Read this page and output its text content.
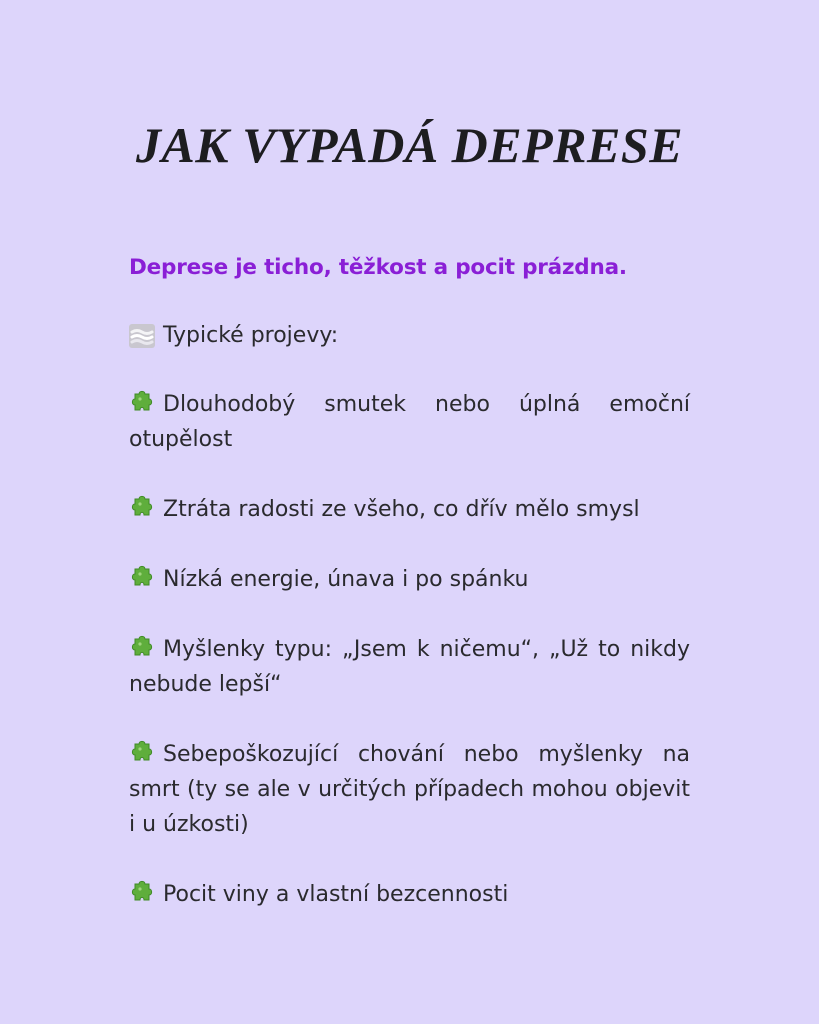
JAK VYPADÁ DEPRESE

Deprese je ticho, těžkost a pocit prázdna.

Typické projevy:

Dlouhodobý smutek nebo úplná emoční otupělost
Ztráta radosti ze všeho, co dřív mělo smysl
Nízká energie, únava i po spánku
Myšlenky typu: „Jsem k ničemu“, „Už to nikdy nebude lepší“
Sebepoškozující chování nebo myšlenky na smrt (ty se ale v určitých případech mohou objevit i u úzkosti)
Pocit viny a vlastní bezcennosti
